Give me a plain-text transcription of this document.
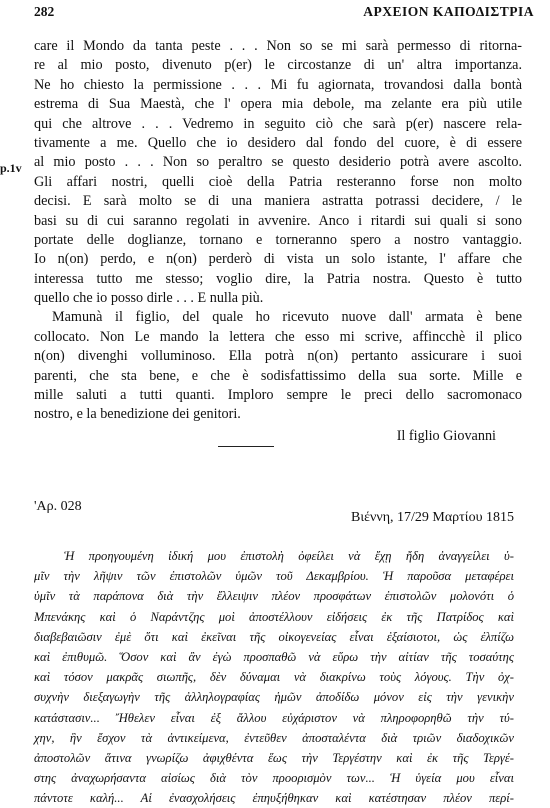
282	ΑΡΧΕΙΟΝ ΚΑΠΟΔΙΣΤΡΙΑ
p.1v
care il Mondo da tanta peste . . . Non so se mi sarà permesso di ritorna-
re al mio posto, divenuto p(er) le circostanze di un' altra importanza.
Ne ho chiesto la permissione . . . Mi fu agiornata, trovandosi dalla bontà
estrema di Sua Maestà, che l' opera mia debole, ma zelante era più utile
qui che altrove . . . Vedremo in seguito ciò che sarà p(er) nascere rela-
tivamente a me. Quello che io desidero dal fondo del cuore, è di essere
al mio posto . . . Non so peraltro se questo desiderio potrà avere ascolto.
Gli affari nostri, quelli cioè della Patria resteranno forse non molto
decisi. E sarà molto se di una maniera astratta potrassi decidere, / le
basi su di cui saranno regolati in avvenire. Anco i ritardi sui quali si sono
portate delle doglianze, tornano e torneranno spero a nostro vantaggio.
Io n(on) perdo, e n(on) perderò di vista un solo istante, l' affare che
interessa tutto me stesso; voglio dire, la Patria nostra. Questo è tutto
quello che io posso dirle . . . E nulla più.
Mamunà il figlio, del quale ho ricevuto nuove dall' armata è bene
collocato. Non Le mando la lettera che esso mi scrive, affincchè il plico
n(on) divenghi volluminoso. Ella potrà n(on) pertanto assicurare i suoi
parenti, che sta bene, e che è sodisfattissimo della sua sorte. Mille e
mille saluti a tutti quanti. Imploro sempre le preci dello sacromonaco
nostro, e la benedizione dei genitori.
Il figlio Giovanni
'Αρ. 028
Βιέννη, 17/29 Μαρτίου 1815
Ἡ προηγουμένη ἰδική μου ἐπιστολὴ ὀφείλει νὰ ἔχῃ ἤδη ἀναγγείλει ὑ-
μῖν τὴν λῆψιν τῶν ἐπιστολῶν ὑμῶν τοῦ Δεκαμβρίου. Ἡ παροῦσα μεταφέρει
ὑμῖν τὰ παράπονα διὰ τὴν ἔλλειψιν πλέον προσφάτων ἐπιστολῶν μολονότι ὁ
Μπενάκης καὶ ὁ Ναράντζης μοὶ ἀποστέλλουν εἰδήσεις ἐκ τῆς Πατρίδος καὶ
διαβεβαιῶσιν ἐμὲ ὅτι καὶ ἐκεῖναι τῆς οἰκογενείας εἶναι ἐξαίσιοτοι, ὡς ἐλπίζω
καὶ ἐπιθυμῶ. Ὅσον καὶ ἂν ἐγὼ προσπαθῶ νὰ εὕρω τὴν αἰτίαν τῆς τοσαύτης
καὶ τόσον μακρᾶς σιωπῆς, δὲν δύναμαι νὰ διακρίνω τοὺς λόγους. Τὴν ὀχ-
συχνὴν διεξαγωγὴν τῆς ἀλληλογραφίας ἡμῶν ἀποδίδω μόνον εἰς τὴν γενικὴν
κατάστασιν... Ἤθελεν εἶναι ἐξ ἄλλου εὐχάριστον νὰ πληροφορηθῶ τὴν τύ-
χην, ἣν ἔσχον τὰ ἀντικείμενα, ἐντεῦθεν ἀποσταλέντα διὰ τριῶν διαδοχικῶν
ἀποστολῶν ἅτινα γνωρίζω ἀφιχθέντα ἕως τὴν Τεργέστην καὶ ἐκ τῆς Τεργέ-
στης ἀναχωρήσαντα αἰσίως διὰ τὸν προορισμὸν των... Ἡ ὑγεία μου εἶναι
πάντοτε καλή... Αἱ ἐνασχολήσεις ἐπηυξήθηκαν καὶ κατέστησαν πλέον περί-
